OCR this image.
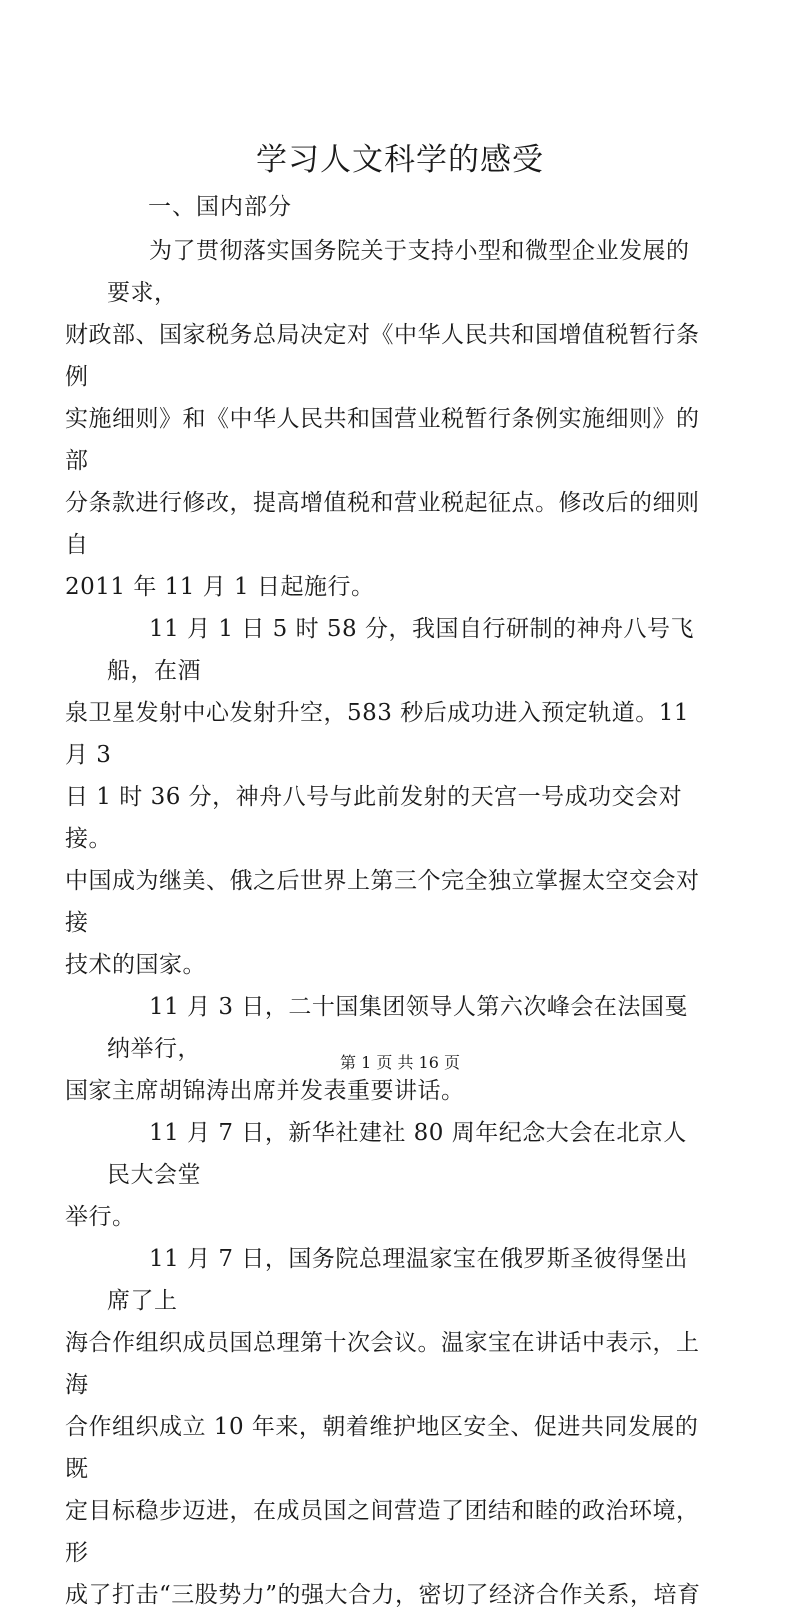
学习人文科学的感受
一、国内部分
为了贯彻落实国务院关于支持小型和微型企业发展的要求，
财政部、国家税务总局决定对《中华人民共和国增值税暂行条例
实施细则》和《中华人民共和国营业税暂行条例实施细则》的部
分条款进行修改，提高增值税和营业税起征点。修改后的细则自
2011 年 11 月 1 日起施行。
11 月 1 日 5 时 58 分，我国自行研制的神舟八号飞船，在酒
泉卫星发射中心发射升空，583 秒后成功进入预定轨道。11 月 3
日 1 时 36 分，神舟八号与此前发射的天宫一号成功交会对接。
中国成为继美、俄之后世界上第三个完全独立掌握太空交会对接
技术的国家。
11 月 3 日，二十国集团领导人第六次峰会在法国戛纳举行，
国家主席胡锦涛出席并发表重要讲话。
11 月 7 日，新华社建社 80 周年纪念大会在北京人民大会堂
举行。
11 月 7 日，国务院总理温家宝在俄罗斯圣彼得堡出席了上
海合作组织成员国总理第十次会议。温家宝在讲话中表示，上海
合作组织成立 10 年来，朝着维护地区安全、促进共同发展的既
定目标稳步迈进，在成员国之间营造了团结和睦的政治环境，形
成了打击“三股势力”的强大合力，密切了经济合作关系，培育
第 1 页 共 16 页
